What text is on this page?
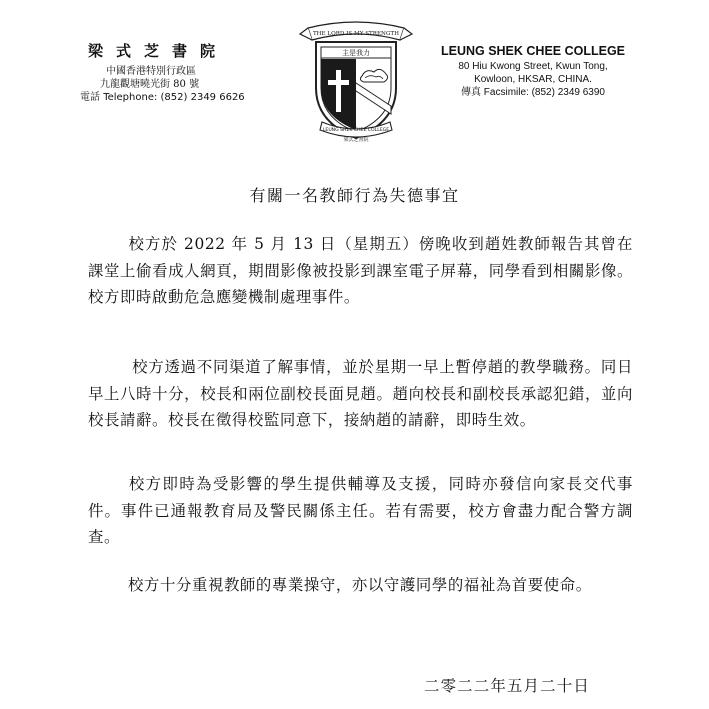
梁式芝書院
中國香港特別行政區
九龍觀塘曉光街 80 號
電話 Telephone: (852) 2349 6626
THE LORD IS MY STRENGTH
主是我力
LEUNG SHEK CHEE COLLEGE
梁式芝書院
LEUNG SHEK CHEE COLLEGE
80 Hiu Kwong Street, Kwun Tong,
Kowloon, HKSAR, CHINA.
傳真 Facsimile: (852) 2349 6390
有關一名教師行為失德事宜

校方於 2022 年 5 月 13 日（星期五）傍晚收到趙姓教師報告其曾在課堂上偷看成人網頁，期間影像被投影到課室電子屏幕，同學看到相關影像。校方即時啟動危急應變機制處理事件。

校方透過不同渠道了解事情，並於星期一早上暫停趙的教學職務。同日早上八時十分，校長和兩位副校長面見趙。趙向校長和副校長承認犯錯，並向校長請辭。校長在徵得校監同意下，接納趙的請辭，即時生效。

校方即時為受影響的學生提供輔導及支援，同時亦發信向家長交代事件。事件已通報教育局及警民關係主任。若有需要，校方會盡力配合警方調查。

校方十分重視教師的專業操守，亦以守護同學的福祉為首要使命。

二零二二年五月二十日
